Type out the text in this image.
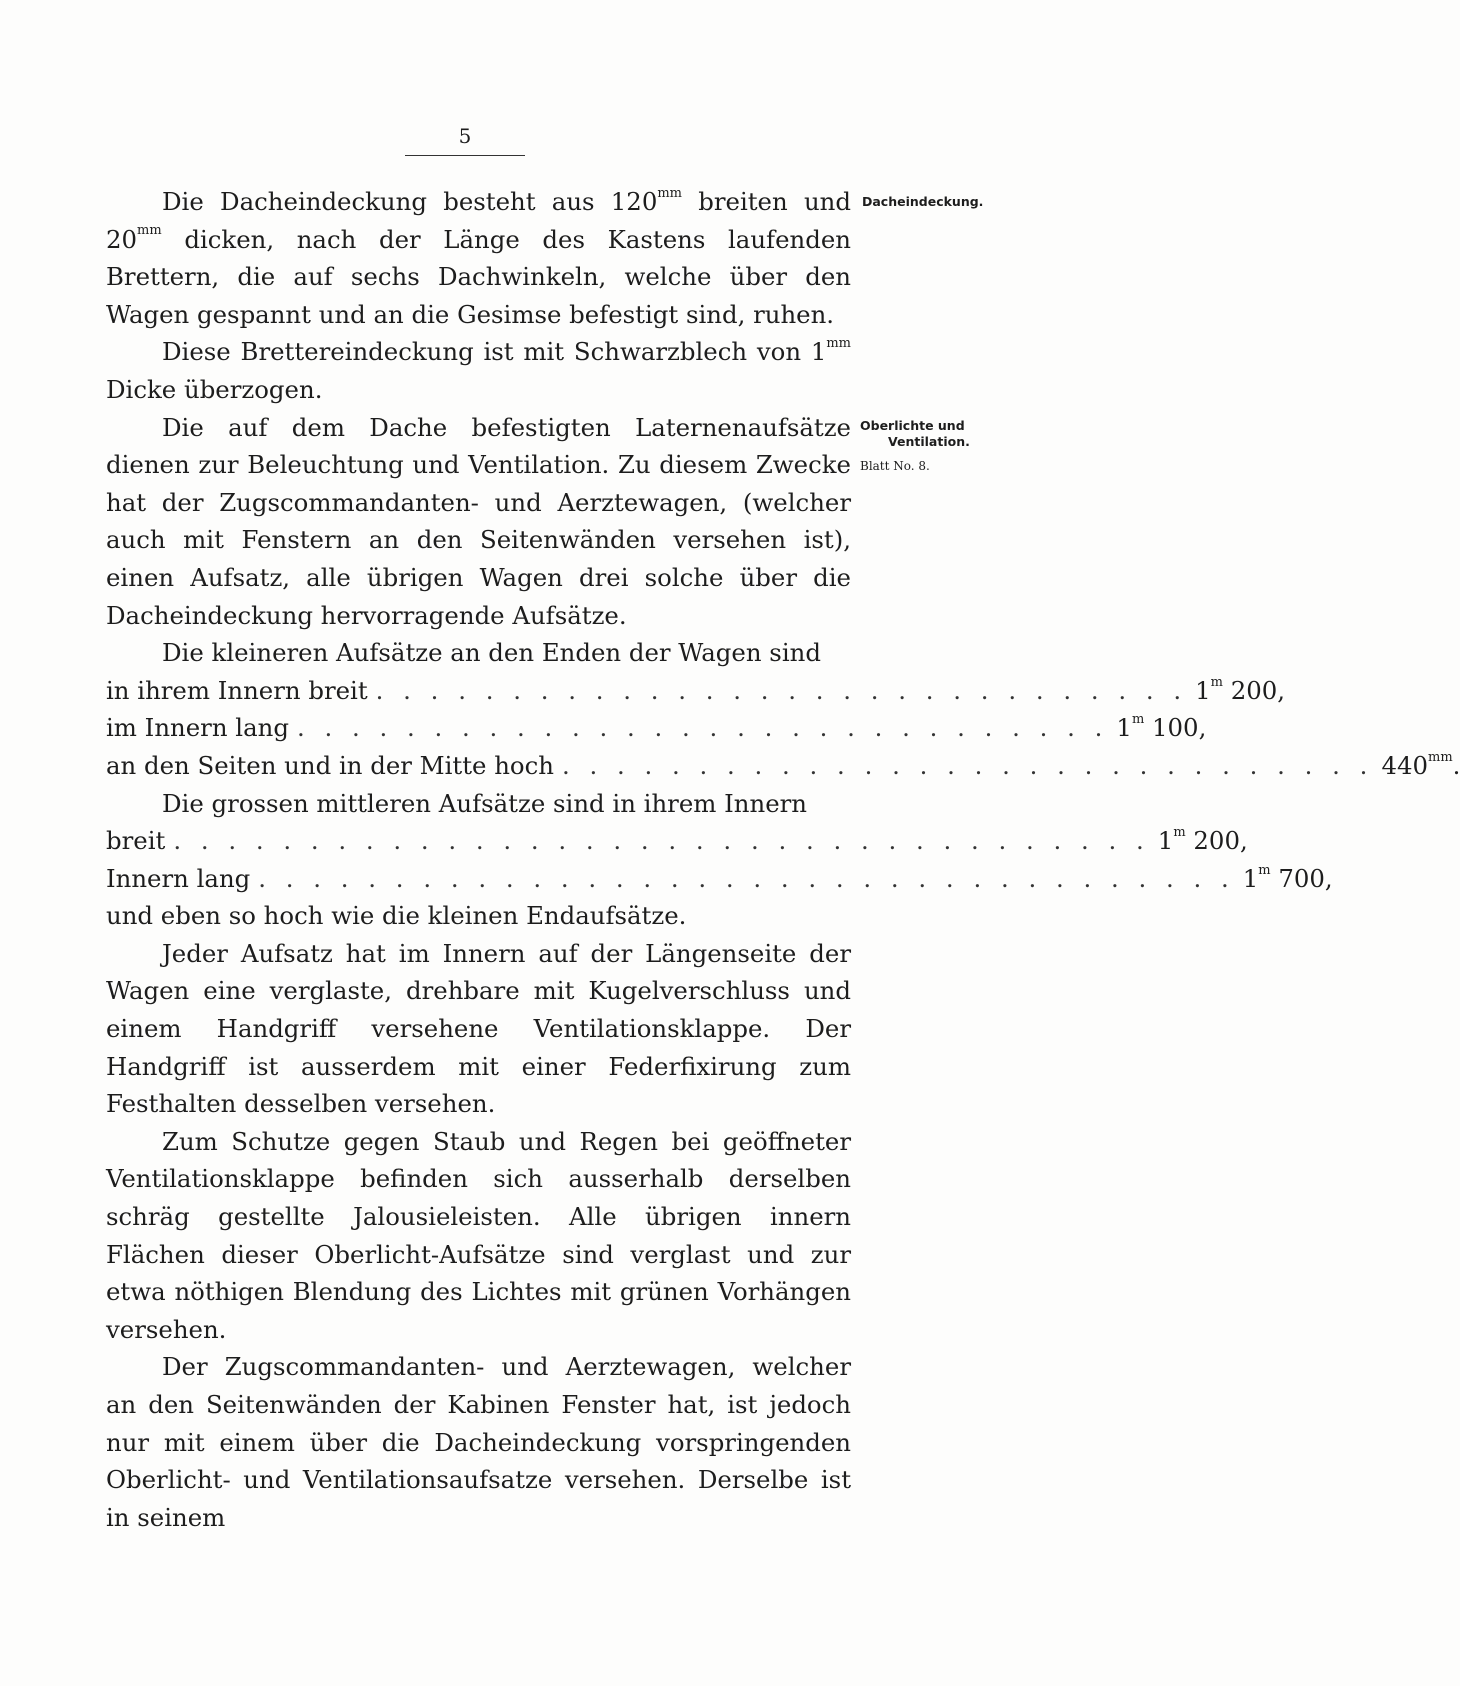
5
Dacheindeckung.
Oberlichte und
Ventilation.
Blatt No. 8.

Die Dacheindeckung besteht aus $120^{mm}$ breiten und $20^{mm}$ dicken, nach der Länge des Kastens laufenden Brettern, die auf sechs Dachwinkeln, welche über den Wagen gespannt und an die Gesimse befestigt sind, ruhen.

Diese Brettereindeckung ist mit Schwarzblech von $1^{mm}$ Dicke überzogen.

Die auf dem Dache befestigten Laternenaufsätze dienen zur Beleuchtung und Ventilation. Zu diesem Zwecke hat der Zugscommandanten- und Aerztewagen, (welcher auch mit Fenstern an den Seitenwänden versehen ist), einen Aufsatz, alle übrigen Wagen drei solche über die Dacheindeckung hervorragende Aufsätze.

Die kleineren Aufsätze an den Enden der Wagen sind

in ihrem Innern breit . . . . . . . . . . . . . . . . . . . . . . . . . . . . . . 1$^m$ 200,
im Innern lang . . . . . . . . . . . . . . . . . . . . . . . . . . . . . . 1$^m$ 100,
an den Seiten und in der Mitte hoch . . . . . . . . . . . . . . . . . . . . . . . . . . . . . . $440^{mm}$.

Die grossen mittleren Aufsätze sind in ihrem Innern

breit . . . . . . . . . . . . . . . . . . . . . . . . . . . . . . . . . . . . 1$^m$ 200,
Innern lang . . . . . . . . . . . . . . . . . . . . . . . . . . . . . . . . . . . . 1$^m$ 700,

und eben so hoch wie die kleinen Endaufsätze.

Jeder Aufsatz hat im Innern auf der Längenseite der Wagen eine verglaste, drehbare mit Kugelverschluss und einem Handgriff versehene Ventilationsklappe. Der Handgriff ist ausserdem mit einer Federfixirung zum Festhalten desselben versehen.

Zum Schutze gegen Staub und Regen bei geöffneter Ventilationsklappe befinden sich ausserhalb derselben schräg gestellte Jalousieleisten. Alle übrigen innern Flächen dieser Oberlicht-Aufsätze sind verglast und zur etwa nöthigen Blendung des Lichtes mit grünen Vorhängen versehen.

Der Zugscommandanten- und Aerztewagen, welcher an den Seitenwänden der Kabinen Fenster hat, ist jedoch nur mit einem über die Dacheindeckung vorspringenden Oberlicht- und Ventilationsaufsatze versehen. Derselbe ist in seinem
